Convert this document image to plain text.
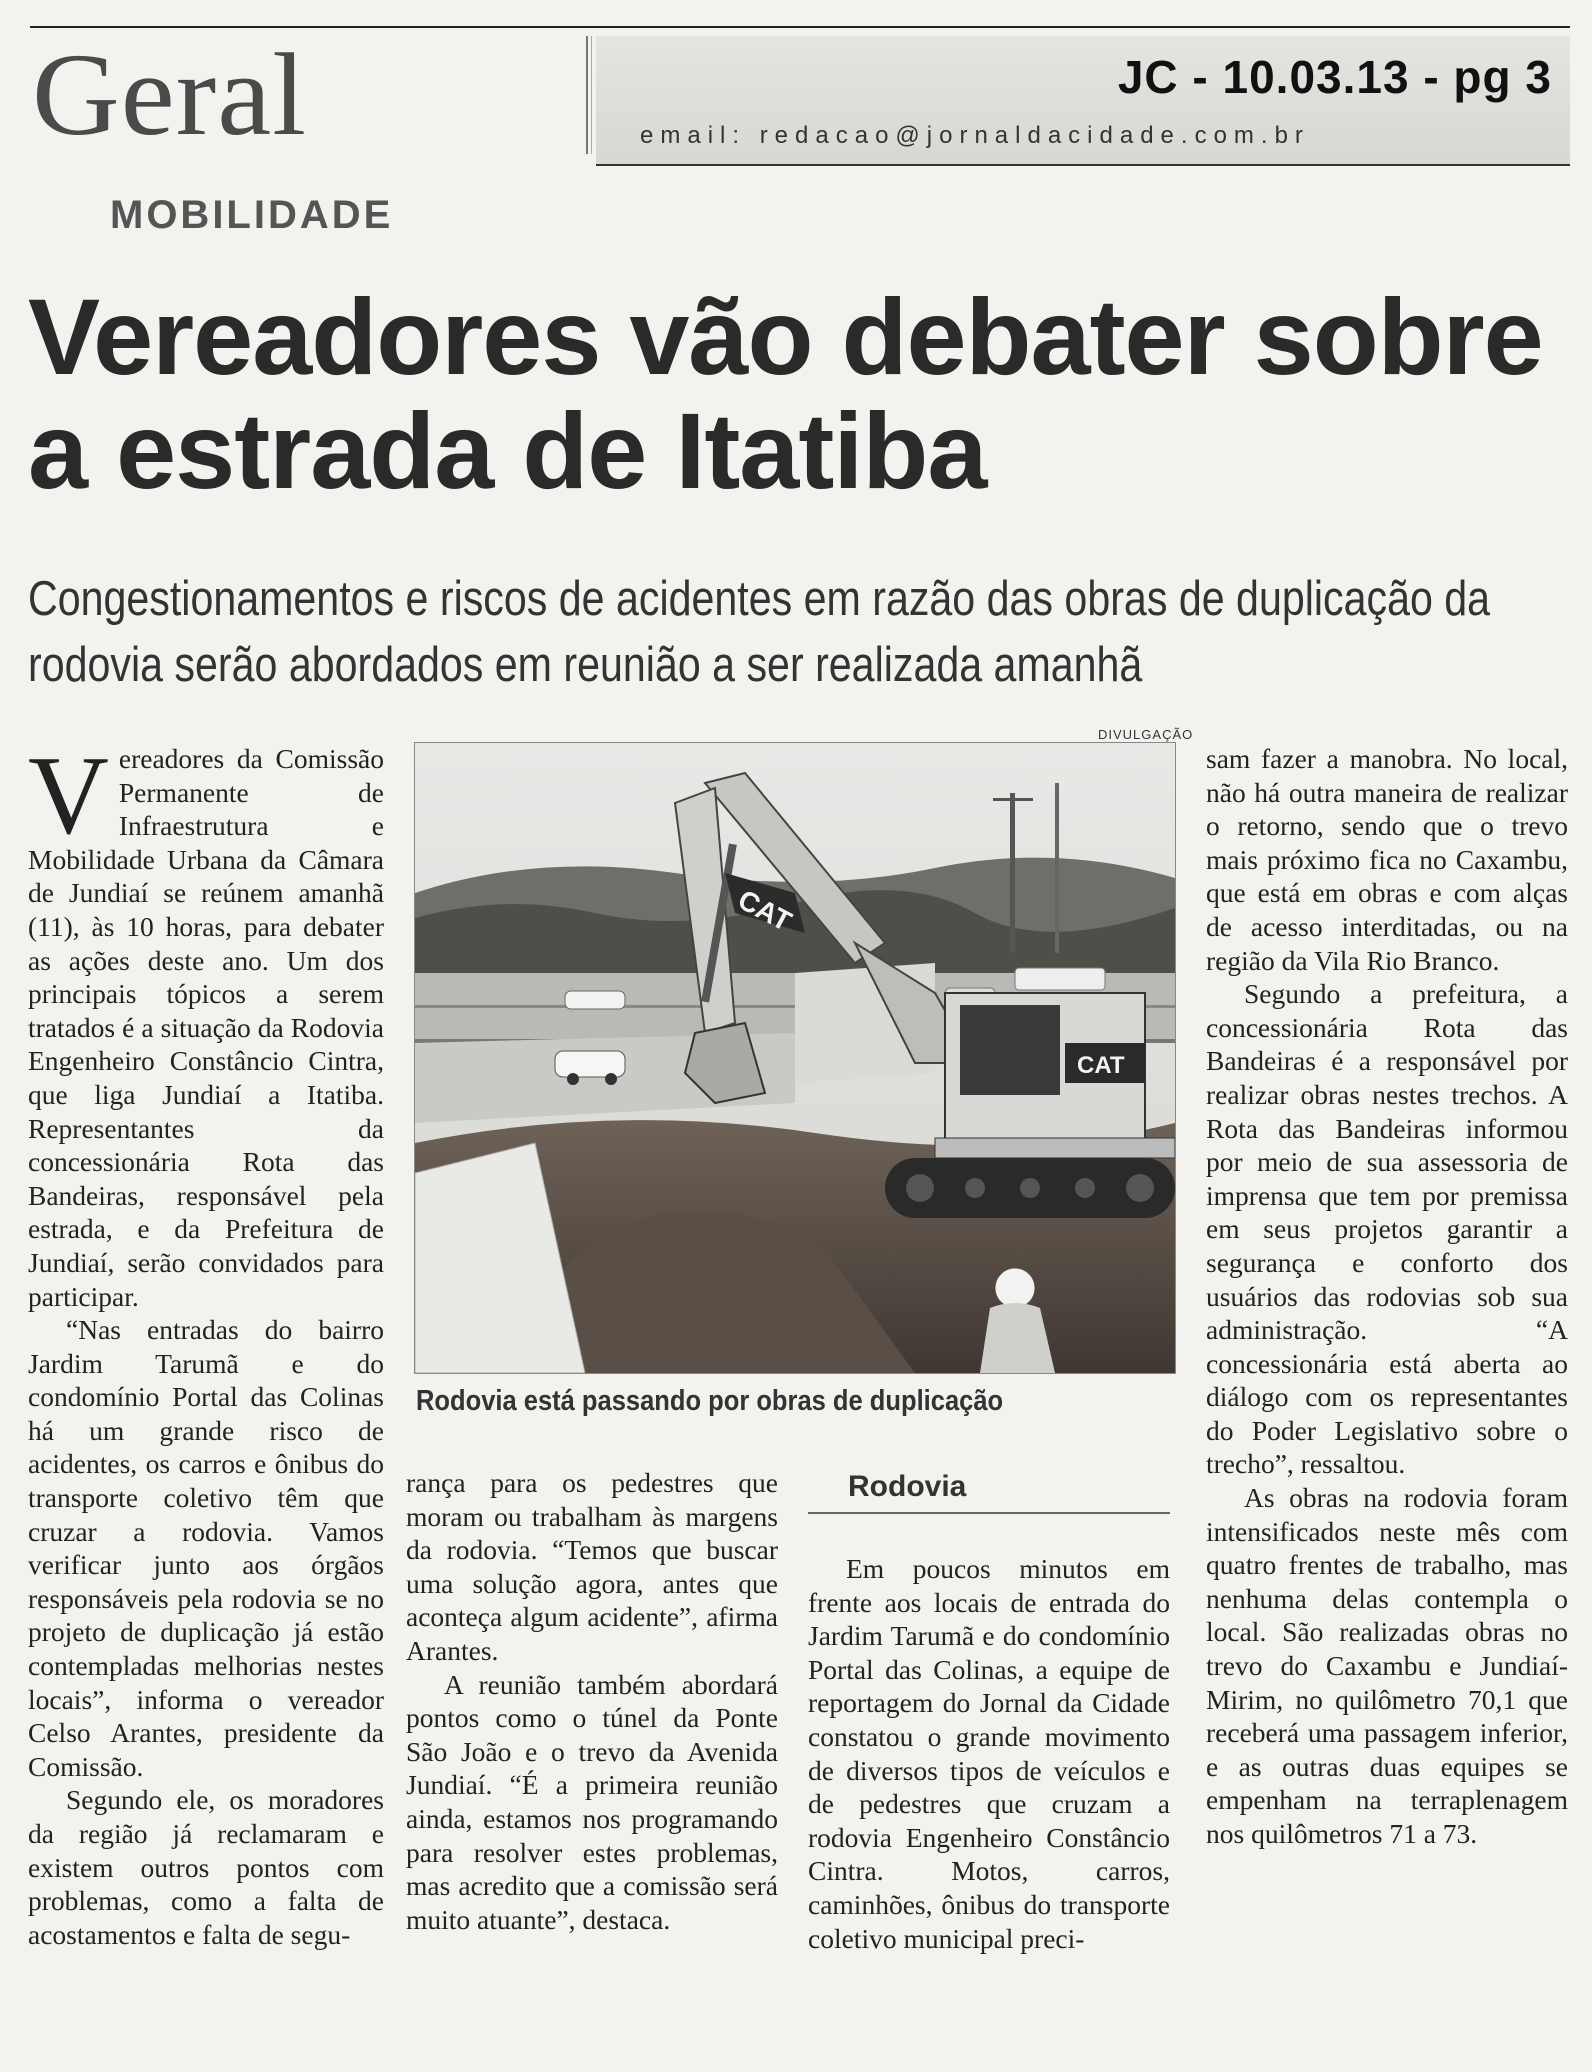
Geral	JC - 10.03.13 - pg 3
email: redacao@jornaldacidade.com.br
MOBILIDADE
Vereadores vão debater sobre a estrada de Itatiba

Congestionamentos e riscos de acidentes em razão das obras de duplicação da rodovia serão abordados em reunião a ser realizada amanhã

Vereadores da Comissão Permanente de Infraestrutura e Mobilidade Urbana da Câmara de Jundiaí se reúnem amanhã (11), às 10 horas, para debater as ações deste ano. Um dos principais tópicos a serem tratados é a situação da Rodovia Engenheiro Constâncio Cintra, que liga Jundiaí a Itatiba. Representantes da concessionária Rota das Bandeiras, responsável pela estrada, e da Prefeitura de Jundiaí, serão convidados para participar.

“Nas entradas do bairro Jardim Tarumã e do condomínio Portal das Colinas há um grande risco de acidentes, os carros e ônibus do transporte coletivo têm que cruzar a rodovia. Vamos verificar junto aos órgãos responsáveis pela rodovia se no projeto de duplicação já estão contempladas melhorias nestes locais”, informa o vereador Celso Arantes, presidente da Comissão.

Segundo ele, os moradores da região já reclamaram e existem outros pontos com problemas, como a falta de acostamentos e falta de segu-

DIVULGAÇÃO
CAT
CAT
Rodovia está passando por obras de duplicação

rança para os pedestres que moram ou trabalham às margens da rodovia. “Temos que buscar uma solução agora, antes que aconteça algum acidente”, afirma Arantes.

A reunião também abordará pontos como o túnel da Ponte São João e o trevo da Avenida Jundiaí. “É a primeira reunião ainda, estamos nos programando para resolver estes problemas, mas acredito que a comissão será muito atuante”, destaca.

Rodovia

Em poucos minutos em frente aos locais de entrada do Jardim Tarumã e do condomínio Portal das Colinas, a equipe de reportagem do Jornal da Cidade constatou o grande movimento de diversos tipos de veículos e de pedestres que cruzam a rodovia Engenheiro Constâncio Cintra. Motos, carros, caminhões, ônibus do transporte coletivo municipal preci-

sam fazer a manobra. No local, não há outra maneira de realizar o retorno, sendo que o trevo mais próximo fica no Caxambu, que está em obras e com alças de acesso interditadas, ou na região da Vila Rio Branco.

Segundo a prefeitura, a concessionária Rota das Bandeiras é a responsável por realizar obras nestes trechos. A Rota das Bandeiras informou por meio de sua assessoria de imprensa que tem por premissa em seus projetos garantir a segurança e conforto dos usuários das rodovias sob sua administração. “A concessionária está aberta ao diálogo com os representantes do Poder Legislativo sobre o trecho”, ressaltou.

As obras na rodovia foram intensificados neste mês com quatro frentes de trabalho, mas nenhuma delas contempla o local. São realizadas obras no trevo do Caxambu e Jundiaí-Mirim, no quilômetro 70,1 que receberá uma passagem inferior, e as outras duas equipes se empenham na terraplenagem nos quilômetros 71 a 73.
